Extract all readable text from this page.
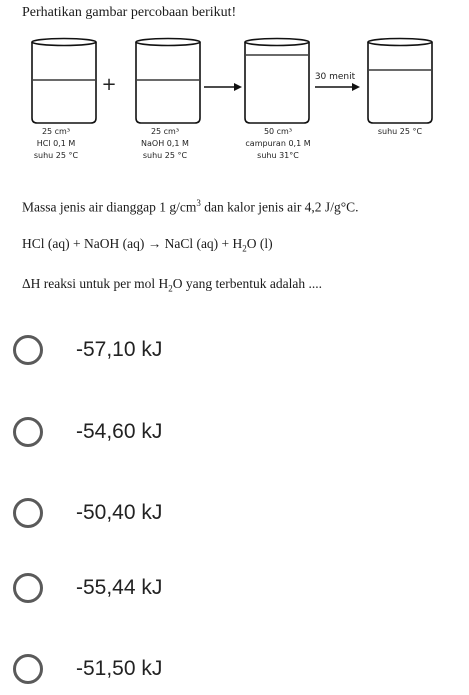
Perhatikan gambar percobaan berikut!
+	30 menit
25 cm³
HCl 0,1 M
suhu 25 °C
25 cm³
NaOH 0,1 M
suhu 25 °C
50 cm³
campuran 0,1 M
suhu 31°C
suhu 25 °C
Massa jenis air dianggap 1 $g/cm^3$ dan kalor jenis air 4,2 J/g°C.
HCl (aq) + NaOH (aq) → NaCl $(aq) + H_2O$ (l)
ΔH reaksi untuk per mol $H_2O$ yang terbentuk adalah ....
-57,10 kJ
-54,60 kJ
-50,40 kJ
-55,44 kJ
-51,50 kJ
